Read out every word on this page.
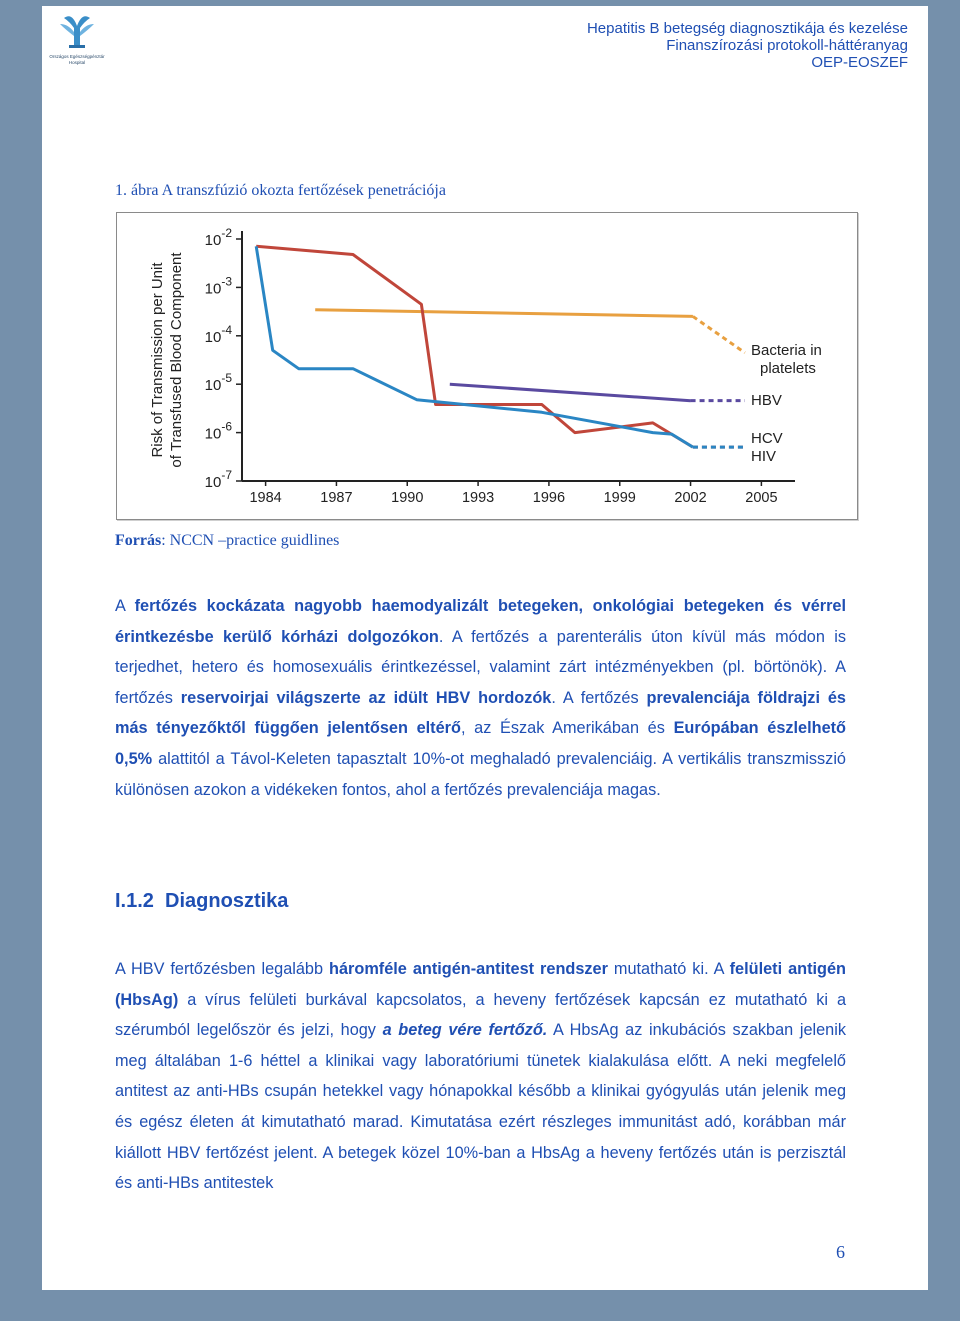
Országos Egészségpénztár
Hospital
Hepatitis B betegség diagnosztikája és kezelése
Finanszírozási protokoll-háttéranyag
OEP-EOSZEF
1. ábra A transzfúzió okozta fertőzések penetrációja
$10^{-2}$
$10^{-3}$
$10^{-4}$
$10^{-5}$
$10^{-6}$
$10^{-7}$
1984	1987	1990	1993	1996	1999	2002	2005
Risk of Transmission per Unit of Transfused Blood Component	Bacteria in
platelets
HBV
HCV
HIV
Forrás: NCCN –practice guidlines
A fertőzés kockázata nagyobb haemodyalizált betegeken, onkológiai betegeken és vérrel érintkezésbe kerülő kórházi dolgozókon. A fertőzés a parenterális úton kívül más módon is terjedhet, hetero és homosexuális érintkezéssel, valamint zárt intézményekben (pl. börtönök). A fertőzés reservoirjai világszerte az idült HBV hordozók. A fertőzés prevalenciája földrajzi és más tényezőktől függően jelentősen eltérő, az Észak Amerikában és Európában észlelhető 0,5% alattitól a Távol-Keleten tapasztalt 10%-ot meghaladó prevalenciáig. A vertikális transzmisszió különösen azokon a vidékeken fontos, ahol a fertőzés prevalenciája magas.
I.1.2 Diagnosztika
A HBV fertőzésben legalább háromféle antigén-antitest rendszer mutatható ki. A felületi antigén (HbsAg) a vírus felületi burkával kapcsolatos, a heveny fertőzések kapcsán ez mutatható ki a szérumból legelőször és jelzi, hogy a beteg vére fertőző. A HbsAg az inkubációs szakban jelenik meg általában 1-6 héttel a klinikai vagy laboratóriumi tünetek kialakulása előtt. A neki megfelelő antitest az anti-HBs csupán hetekkel vagy hónapokkal később a klinikai gyógyulás után jelenik meg és egész életen át kimutatható marad. Kimutatása ezért részleges immunitást adó, korábban már kiállott HBV fertőzést jelent. A betegek közel 10%-ban a HbsAg a heveny fertőzés után is perzisztál és anti-HBs antitestek
6
